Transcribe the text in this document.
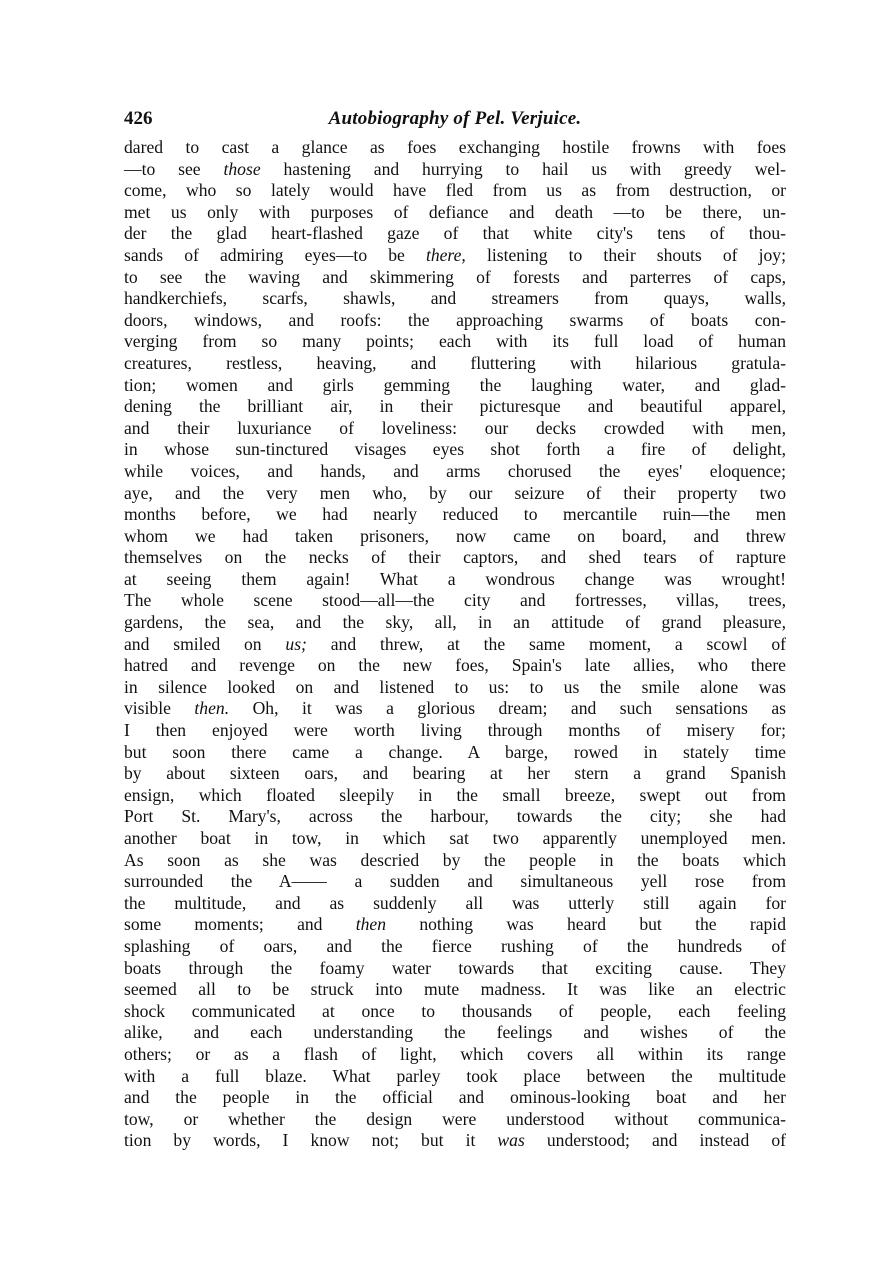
426	Autobiography of Pel. Verjuice.
dared to cast a glance as foes exchanging hostile frowns with foes
—to see those hastening and hurrying to hail us with greedy wel-
come, who so lately would have fled from us as from destruction, or
met us only with purposes of defiance and death —to be there, un-
der the glad heart-flashed gaze of that white city's tens of thou-
sands of admiring eyes—to be there, listening to their shouts of joy;
to see the waving and skimmering of forests and parterres of caps,
handkerchiefs, scarfs, shawls, and streamers from quays, walls,
doors, windows, and roofs: the approaching swarms of boats con-
verging from so many points; each with its full load of human
creatures, restless, heaving, and fluttering with hilarious gratula-
tion; women and girls gemming the laughing water, and glad-
dening the brilliant air, in their picturesque and beautiful apparel,
and their luxuriance of loveliness: our decks crowded with men,
in whose sun-tinctured visages eyes shot forth a fire of delight,
while voices, and hands, and arms chorused the eyes' eloquence;
aye, and the very men who, by our seizure of their property two
months before, we had nearly reduced to mercantile ruin—the men
whom we had taken prisoners, now came on board, and threw
themselves on the necks of their captors, and shed tears of rapture
at seeing them again! What a wondrous change was wrought!
The whole scene stood—all—the city and fortresses, villas, trees,
gardens, the sea, and the sky, all, in an attitude of grand pleasure,
and smiled on us; and threw, at the same moment, a scowl of
hatred and revenge on the new foes, Spain's late allies, who there
in silence looked on and listened to us: to us the smile alone was
visible then. Oh, it was a glorious dream; and such sensations as
I then enjoyed were worth living through months of misery for;
but soon there came a change. A barge, rowed in stately time
by about sixteen oars, and bearing at her stern a grand Spanish
ensign, which floated sleepily in the small breeze, swept out from
Port St. Mary's, across the harbour, towards the city; she had
another boat in tow, in which sat two apparently unemployed men.
As soon as she was descried by the people in the boats which
surrounded the A—— a sudden and simultaneous yell rose from
the multitude, and as suddenly all was utterly still again for
some moments; and then nothing was heard but the rapid
splashing of oars, and the fierce rushing of the hundreds of
boats through the foamy water towards that exciting cause. They
seemed all to be struck into mute madness. It was like an electric
shock communicated at once to thousands of people, each feeling
alike, and each understanding the feelings and wishes of the
others; or as a flash of light, which covers all within its range
with a full blaze. What parley took place between the multitude
and the people in the official and ominous-looking boat and her
tow, or whether the design were understood without communica-
tion by words, I know not; but it was understood; and instead of
